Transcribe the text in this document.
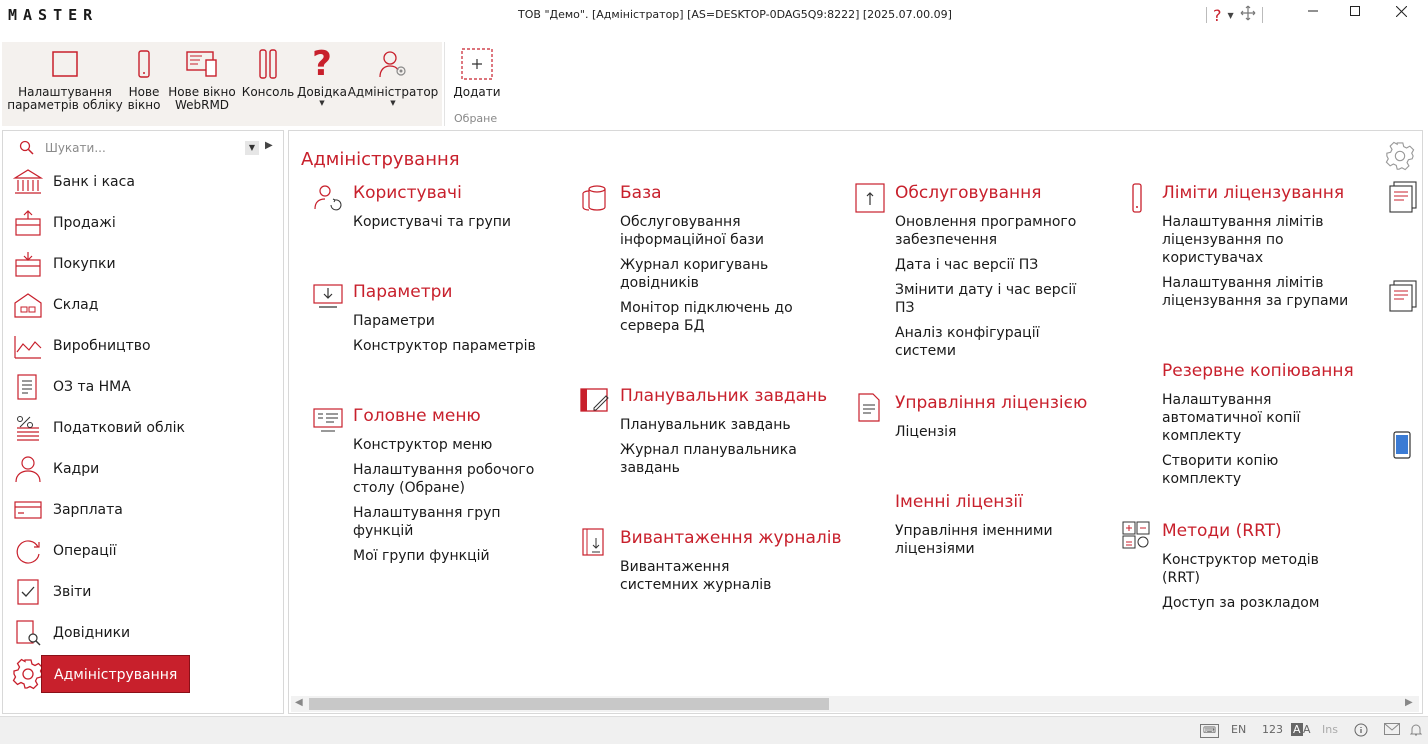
MASTER	ТОВ "Демо". [Адміністратор] [AS=DESKTOP-0DAG5Q9:8222] [2025.07.00.09]	? ▼
Налаштування параметрів обліку
Нове вікно
Нове вікно WebRMD
Консоль
?
Довідка
▼
Адміністратор
▼
Додати
Обране
Шукати...	▼ ▶
Банк і каса
Продажі
Покупки
Склад
Виробництво
ОЗ та НМА
Податковий облік
Кадри
Зарплата
Операції
Звіти
Довідники
Адміністрування
Адміністрування
Користувачі
Користувачі та групи
Параметри
Параметри
Конструктор параметрів
Головне меню
Конструктор меню
Налаштування робочого столу (Обране)
Налаштування груп функцій
Мої групи функцій
База
Обслуговування інформаційної бази
Журнал коригувань довідників
Монітор підключень до сервера БД
Планувальник завдань
Планувальник завдань
Журнал планувальника завдань
Вивантаження журналів
Вивантаження системних журналів
Обслуговування
Оновлення програмного забезпечення
Дата і час версії ПЗ
Змінити дату і час версії ПЗ
Аналіз конфігурації системи
Управління ліцензією
Ліцензія
Іменні ліцензії
Управління іменними ліцензіями
Ліміти ліцензування
Налаштування лімітів ліцензування по користувачах
Налаштування лімітів ліцензування за групами
Резервне копіювання
Налаштування автоматичної копії комплекту
Створити копію комплекту
Методи (RRT)
Конструктор методів (RRT)
Доступ за розкладом
◀	▶
⌨ EN 123 A A Ins
